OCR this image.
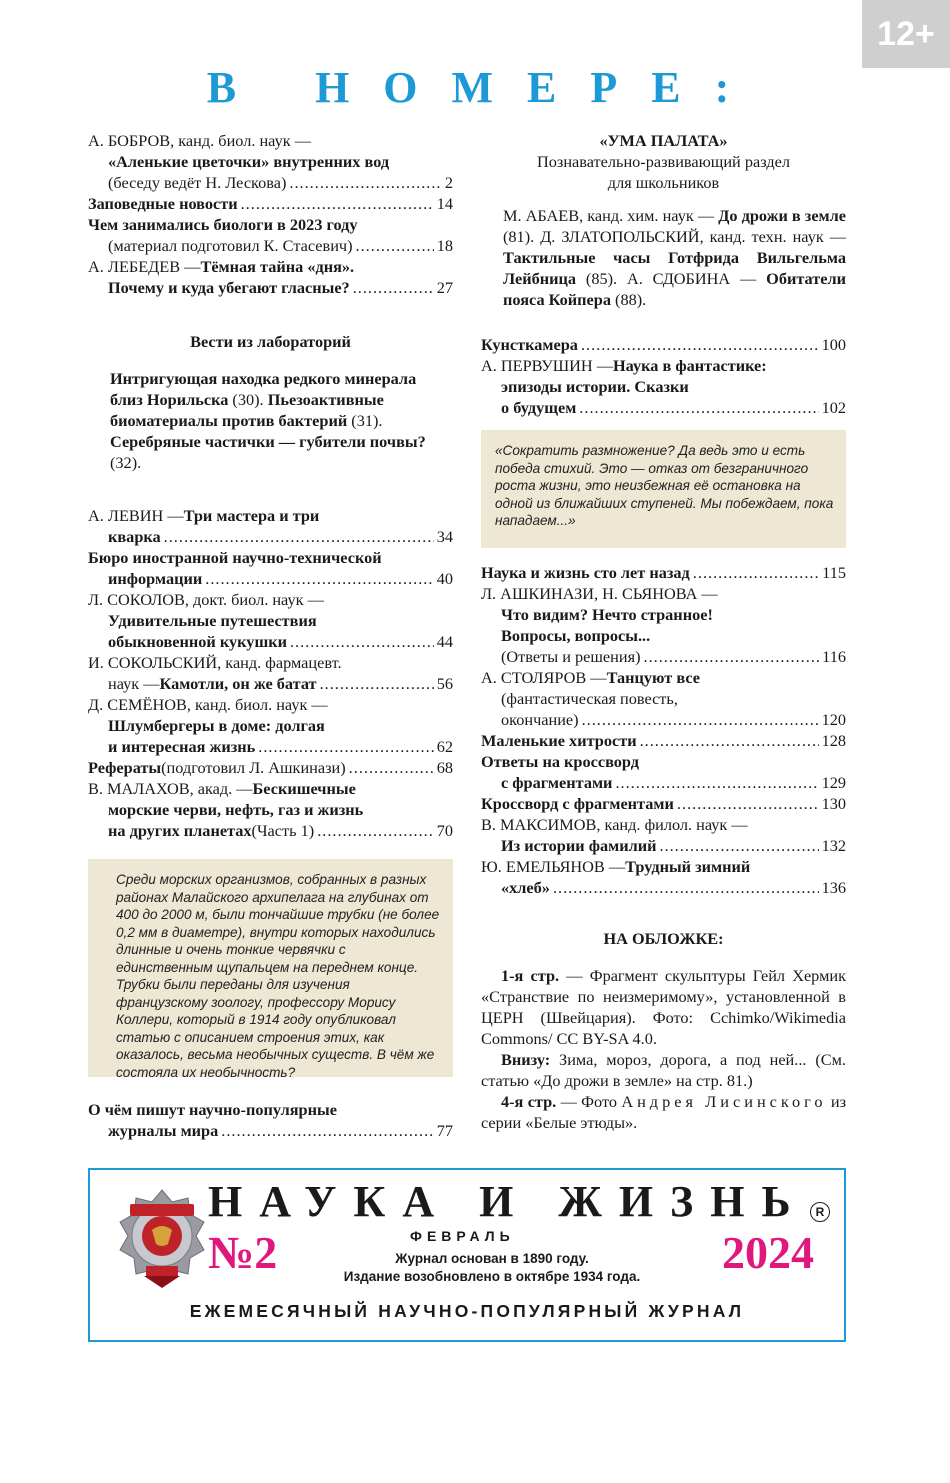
12+
В НОМЕРЕ:
А. БОБРОВ, канд. биол. наук —
«Аленькие цветочки» внутренних вод
(беседу ведёт Н. Лескова) .....	2
Заповедные новости .....	14
Чем занимались биологи в 2023 году
(материал подготовил К. Стасевич) .....	18
А. ЛЕБЕДЕВ — Тёмная тайна «дня».
Почему и куда убегают гласные? .....	27
Вести из лабораторий
Интригующая находка редкого минерала близ Норильска (30). Пьезоактивные биоматериалы против бактерий (31). Серебряные частички — губители почвы? (32).
А. ЛЕВИН — Три мастера и три
кварка .....	34
Бюро иностранной научно-технической
информации .....	40
Л. СОКОЛОВ, докт. биол. наук —
Удивительные путешествия
обыкновенной кукушки .....	44
И. СОКОЛЬСКИЙ, канд. фармацевт.
наук — Камотли, он же батат .....	56
Д. СЕМЁНОВ, канд. биол. наук —
Шлумбергеры в доме: долгая
и интересная жизнь .....	62
Рефераты (подготовил Л. Ашкинази) .....	68
В. МАЛАХОВ, акад. — Бескишечные
морские черви, нефть, газ и жизнь
на других планетах (Часть 1) .....	70
Среди морских организмов, собранных в разных районах Малайского архипелага на глубинах от 400 до 2000 м, были тончайшие трубки (не более 0,2 мм в диаметре), внутри которых находились длинные и очень тонкие червячки с единственным щупальцем на переднем конце. Трубки были переданы для изучения французскому зоологу, профессору Морису Коллери, который в 1914 году опубликовал статью с описанием строения этих, как оказалось, весьма необычных существ. В чём же состояла их необычность?
О чём пишут научно-популярные
журналы мира .....	77
«УМА ПАЛАТА»
Познавательно-развивающий раздел
для школьников
М. АБАЕВ, канд. хим. наук — До дрожи в земле (81). Д. ЗЛАТОПОЛЬСКИЙ, канд. техн. наук — Тактильные часы Готфрида Вильгельма Лейбница (85). А. СДОБИНА — Обитатели пояса Койпера (88).
Кунсткамера .....	100
А. ПЕРВУШИН — Наука в фантастике:
эпизоды истории. Сказки
о будущем .....	102
«Сократить размножение? Да ведь это и есть победа стихий. Это — отказ от безграничного роста жизни, это неизбежная её остановка на одной из ближайших ступеней. Мы побеждаем, пока нападаем...»
Наука и жизнь сто лет назад .....	115
Л. АШКИНАЗИ, Н. СЬЯНОВА —
Что видим? Нечто странное!
Вопросы, вопросы...
(Ответы и решения) .....	116
А. СТОЛЯРОВ — Танцуют все
(фантастическая повесть,
окончание) .....	120
Маленькие хитрости .....	128
Ответы на кроссворд
с фрагментами .....	129
Кроссворд с фрагментами .....	130
В. МАКСИМОВ, канд. филол. наук —
Из истории фамилий .....	132
Ю. ЕМЕЛЬЯНОВ — Трудный зимний
«хлеб» .....	136
НА ОБЛОЖКЕ:

1-я стр. — Фрагмент скульптуры Гейл Хермик «Странствие по неизмеримому», установленной в ЦЕРН (Швейцария). Фото: Cchimko/Wikimedia Commons/ CC BY-SA 4.0.

Внизу: Зима, мороз, дорога, а под ней... (См. статью «До дрожи в земле» на стр. 81.)

4-я стр. — Фото Андрея Лисинского из серии «Белые этюды».

НАУКА И ЖИЗНЬ R
№2	ФЕВРАЛЬ	2024
Журнал основан в 1890 году.
Издание возобновлено в октябре 1934 года.
ЕЖЕМЕСЯЧНЫЙ НАУЧНО-ПОПУЛЯРНЫЙ ЖУРНАЛ
